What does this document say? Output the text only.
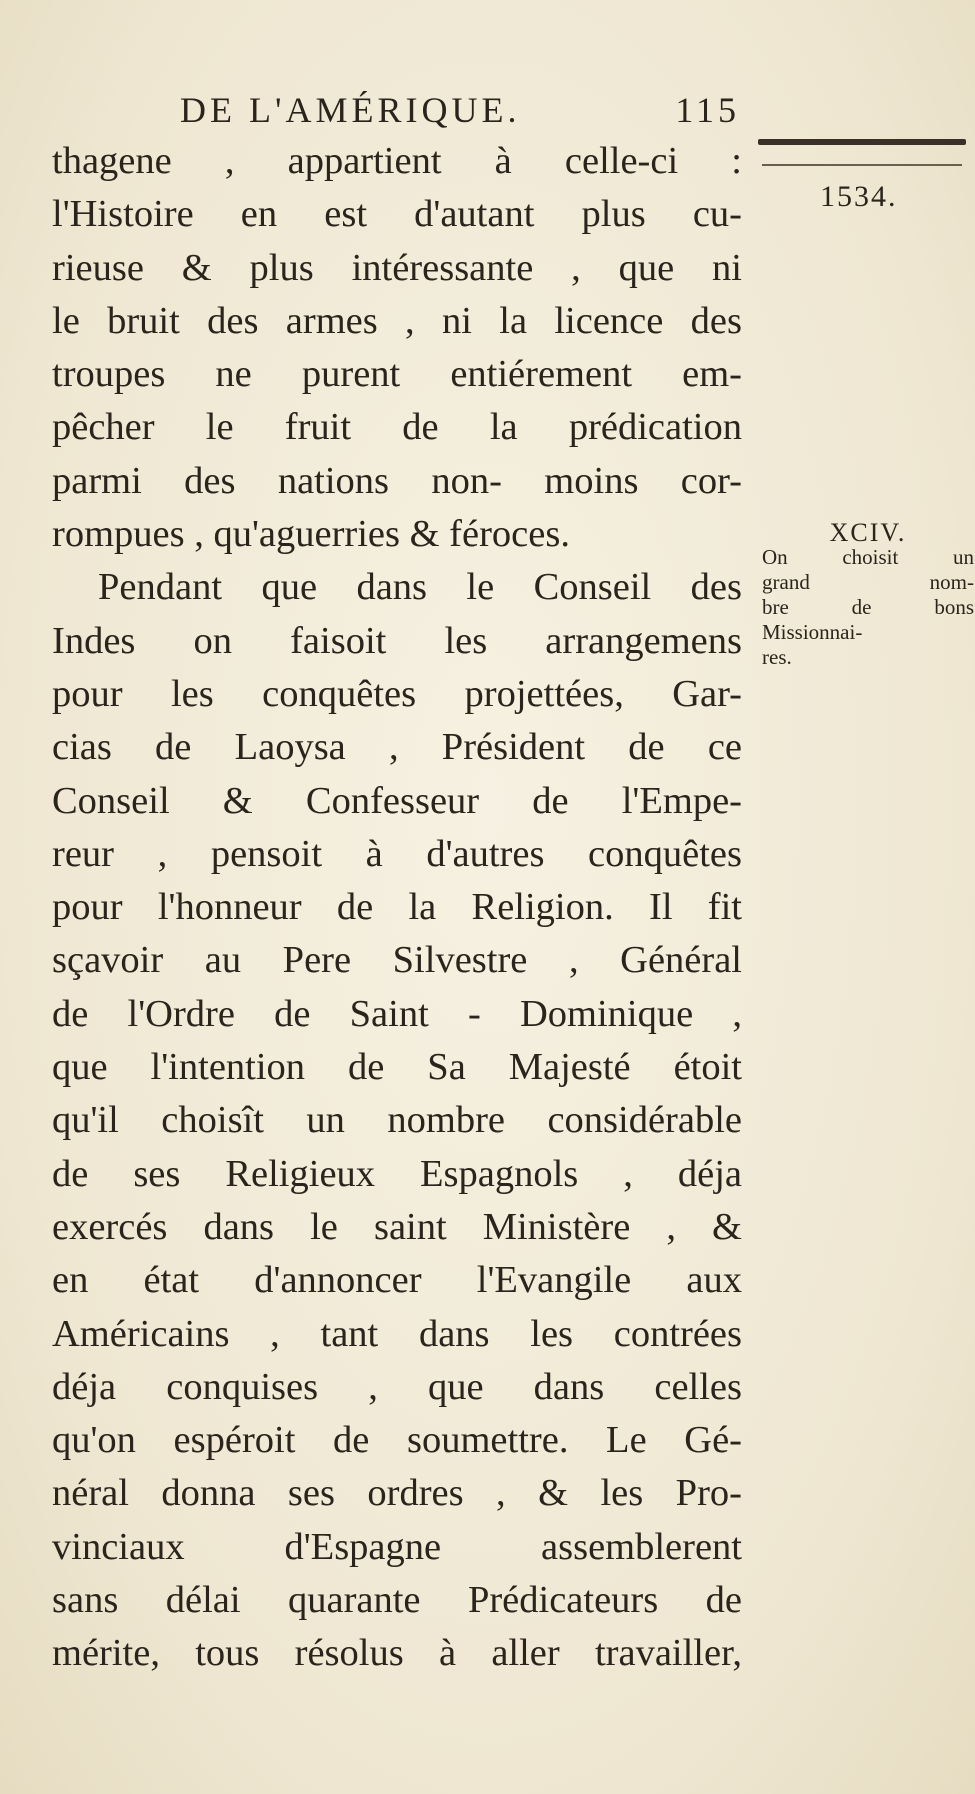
DE L'AMÉRIQUE.	115
1534.
thagene , appartient à celle-ci :
l'Histoire en est d'autant plus cu-
rieuse & plus intéressante , que ni
le bruit des armes , ni la licence des
troupes ne purent entiérement em-
pêcher le fruit de la prédication
parmi des nations non- moins cor-
rompues , qu'aguerries & féroces.
Pendant que dans le Conseil des
Indes on faisoit les arrangemens
pour les conquêtes projettées, Gar-
cias de Laoysa , Président de ce
Conseil & Confesseur de l'Empe-
reur , pensoit à d'autres conquêtes
pour l'honneur de la Religion. Il fit
sçavoir au Pere Silvestre , Général
de l'Ordre de Saint - Dominique ,
que l'intention de Sa Majesté étoit
qu'il choisît un nombre considérable
de ses Religieux Espagnols , déja
exercés dans le saint Ministère , &
en état d'annoncer l'Evangile aux
Américains , tant dans les contrées
déja conquises , que dans celles
qu'on espéroit de soumettre. Le Gé-
néral donna ses ordres , & les Pro-
vinciaux d'Espagne assemblerent
sans délai quarante Prédicateurs de
mérite, tous résolus à aller travailler,
XCIV.
On choisit un
grand nom-
bre de bons
Missionnai-
res.
